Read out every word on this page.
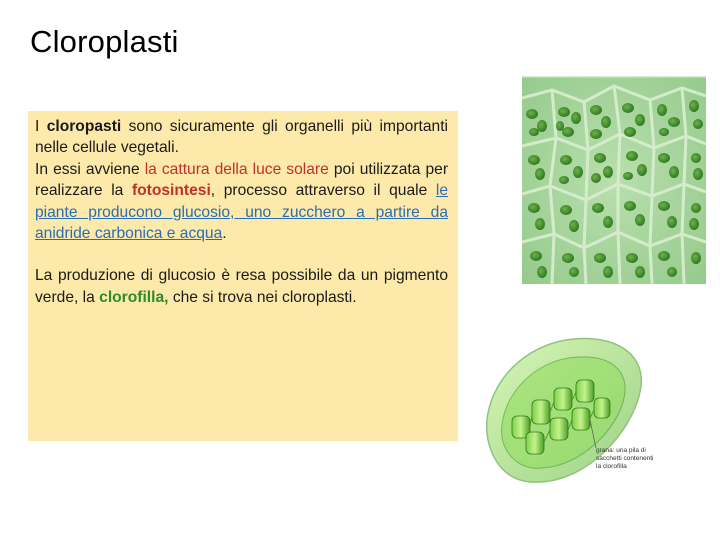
Cloroplasti

I cloropasti sono sicuramente gli organelli più importanti nelle cellule vegetali.

In essi avviene la cattura della luce solare poi utilizzata per realizzare la fotosintesi, processo attraverso il quale le piante producono glucosio, uno zucchero a partire da anidride carbonica e acqua.

La produzione di glucosio è resa possibile da un pigmento verde, la clorofilla, che si trova nei cloroplasti.

grana: una pila di sacchetti contenenti la clorofilla
